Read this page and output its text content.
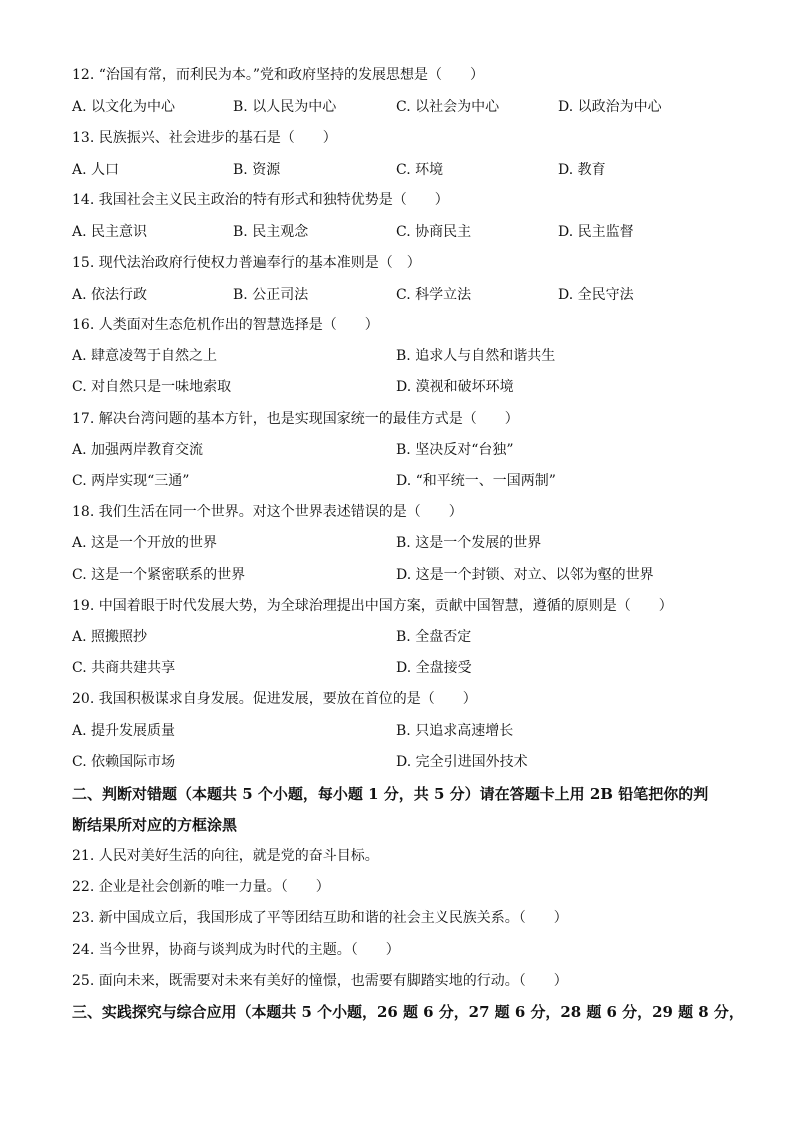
12. “治国有常，而利民为本。”党和政府坚持的发展思想是（　　）
A. 以文化为中心	B. 以人民为中心	C. 以社会为中心	D. 以政治为中心
13. 民族振兴、社会进步的基石是（　　）
A. 人口	B. 资源	C. 环境	D. 教育
14. 我国社会主义民主政治的特有形式和独特优势是（　　）
A. 民主意识	B. 民主观念	C. 协商民主	D. 民主监督
15. 现代法治政府行使权力普遍奉行的基本准则是（　）
A. 依法行政	B. 公正司法	C. 科学立法	D. 全民守法
16. 人类面对生态危机作出的智慧选择是（　　）
A. 肆意凌驾于自然之上	B. 追求人与自然和谐共生
C. 对自然只是一味地索取	D. 漠视和破坏环境
17. 解决台湾问题的基本方针，也是实现国家统一的最佳方式是（　　）
A. 加强两岸教育交流	B. 坚决反对“台独”
C. 两岸实现“三通”	D. “和平统一、一国两制”
18. 我们生活在同一个世界。对这个世界表述错误的是（　　）
A. 这是一个开放的世界	B. 这是一个发展的世界
C. 这是一个紧密联系的世界	D. 这是一个封锁、对立、以邻为壑的世界
19. 中国着眼于时代发展大势，为全球治理提出中国方案，贡献中国智慧，遵循的原则是（　　）
A. 照搬照抄	B. 全盘否定
C. 共商共建共享	D. 全盘接受
20. 我国积极谋求自身发展。促进发展，要放在首位的是（　　）
A. 提升发展质量	B. 只追求高速增长
C. 依赖国际市场	D. 完全引进国外技术
二、判断对错题（本题共 5 个小题，每小题 1 分，共 5 分）请在答题卡上用 2B 铅笔把你的判
断结果所对应的方框涂黑
21. 人民对美好生活的向往，就是党的奋斗目标。
22. 企业是社会创新的唯一力量。（　　）
23. 新中国成立后，我国形成了平等团结互助和谐的社会主义民族关系。（　　）
24. 当今世界，协商与谈判成为时代的主题。（　　）
25. 面向未来，既需要对未来有美好的憧憬，也需要有脚踏实地的行动。（　　）
三、实践探究与综合应用（本题共 5 个小题，26 题 6 分，27 题 6 分，28 题 6 分，29 题 8 分，
